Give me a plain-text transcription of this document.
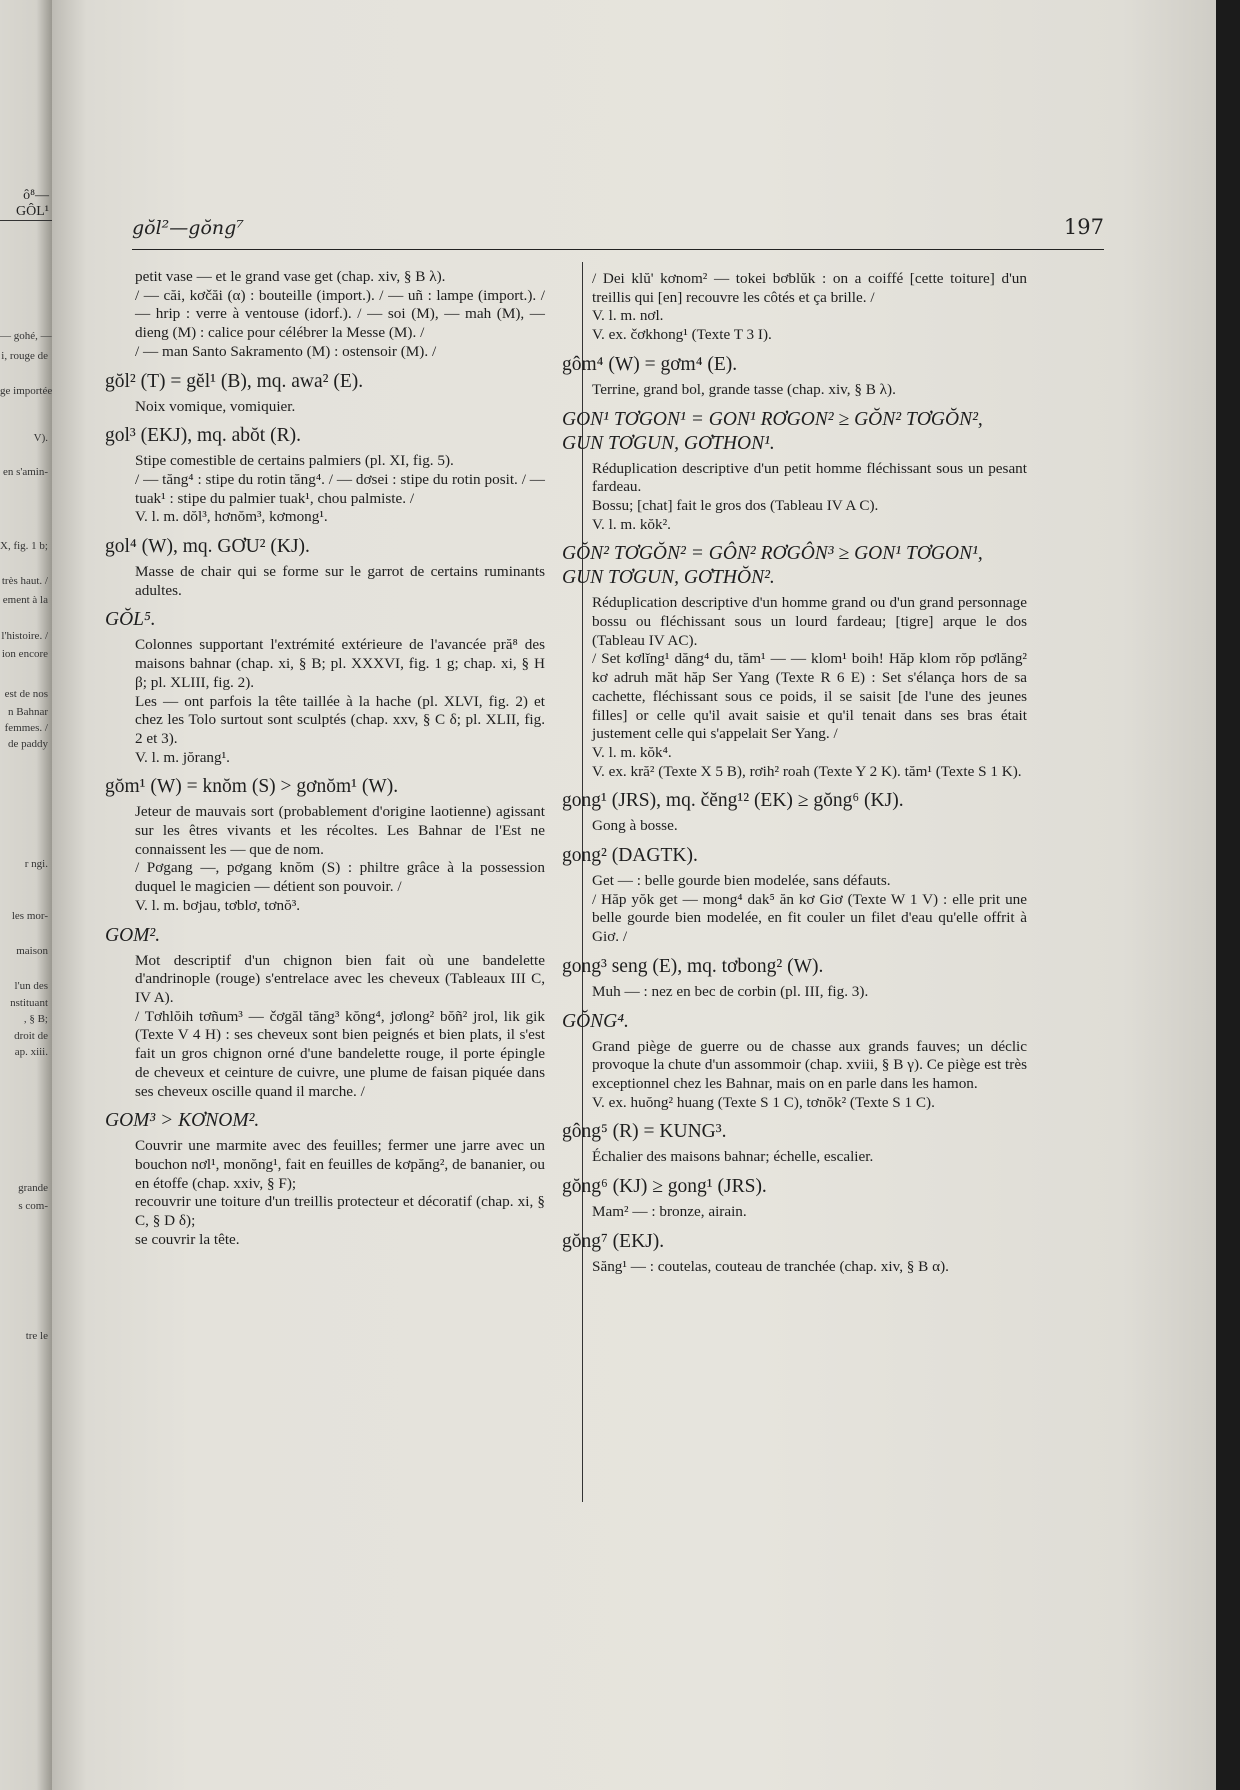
ô⁸—GÔL¹
— gohé, —
i, rouge de
ge importée
V).
en s'amin-
X, fig. 1 b;
très haut. /
ement à la
l'histoire. /
ion encore
est de nos
n Bahnar
femmes. /
de paddy
r ngi.
les mor-
maison
l'un des
nstituant
, § B;
droit de
ap. xiii.
grande
s com-
tre le
gŏl²—gŏng⁷	197

petit vase — et le grand vase get (chap. xiv, § B λ).

/ — căi, kơčăi (α) : bouteille (import.). / — uñ : lampe (import.). / — hrip : verre à ventouse (idorf.). / — soi (M), — mah (M), — dieng (M) : calice pour célébrer la Messe (M). /

/ — man Santo Sakramento (M) : ostensoir (M). /

gŏl² (T) = gĕl¹ (B), mq. awa² (E).

Noix vomique, vomiquier.

gol³ (EKJ), mq. abŏt (R).

Stipe comestible de certains palmiers (pl. XI, fig. 5).

/ — tăng⁴ : stipe du rotin tăng⁴. / — dơsei : stipe du rotin posit. / — tuak¹ : stipe du palmier tuak¹, chou palmiste. /

V. l. m. dŏl³, hơnŏm³, kơmong¹.

gol⁴ (W), mq. GƠU² (KJ).

Masse de chair qui se forme sur le garrot de certains ruminants adultes.

GŎL⁵.

Colonnes supportant l'extrémité extérieure de l'avancée pră⁸ des maisons bahnar (chap. xi, § B; pl. XXXVI, fig. 1 g; chap. xi, § H β; pl. XLIII, fig. 2).

Les — ont parfois la tête taillée à la hache (pl. XLVI, fig. 2) et chez les Tolo surtout sont sculptés (chap. xxv, § C δ; pl. XLII, fig. 2 et 3).

V. l. m. jŏrang¹.

gŏm¹ (W) = knŏm (S) > gơnŏm¹ (W).

Jeteur de mauvais sort (probablement d'origine laotienne) agissant sur les êtres vivants et les récoltes. Les Bahnar de l'Est ne connaissent les — que de nom.

/ Pơgang —, pơgang knŏm (S) : philtre grâce à la possession duquel le magicien — détient son pouvoir. /

V. l. m. bơjau, tơblơ, tơnŏ³.

GOM².

Mot descriptif d'un chignon bien fait où une bandelette d'andrinople (rouge) s'entrelace avec les cheveux (Tableaux III C, IV A).

/ Tơhlŏih tơñum³ — čơgăl tăng³ kŏng⁴, jơlong² bŏñ² jrol, lik gik (Texte V 4 H) : ses cheveux sont bien peignés et bien plats, il s'est fait un gros chignon orné d'une bandelette rouge, il porte épingle de cheveux et ceinture de cuivre, une plume de faisan piquée dans ses cheveux oscille quand il marche. /

GOM³ > KƠNOM².

Couvrir une marmite avec des feuilles; fermer une jarre avec un bouchon nơl¹, monŏng¹, fait en feuilles de kơpăng², de bananier, ou en étoffe (chap. xxiv, § F);

recouvrir une toiture d'un treillis protecteur et décoratif (chap. xi, § C, § D δ);

se couvrir la tête.

/ Dei klŭ' kơnom² — tokei bơblŭk : on a coiffé [cette toiture] d'un treillis qui [en] recouvre les côtés et ça brille. /

V. l. m. nơl.

V. ex. čơkhong¹ (Texte T 3 I).

gôm⁴ (W) = gơm⁴ (E).

Terrine, grand bol, grande tasse (chap. xiv, § B λ).

GON¹ TƠGON¹ = GON¹ RƠGON² ≥ GŎN² TƠGŎN², GUN TƠGUN, GƠTHON¹.

Réduplication descriptive d'un petit homme fléchissant sous un pesant fardeau.

Bossu; [chat] fait le gros dos (Tableau IV A C).

V. l. m. kŏk².

GŎN² TƠGŎN² = GÔN² RƠGÔN³ ≥ GON¹ TƠGON¹, GUN TƠGUN, GƠTHŎN².

Réduplication descriptive d'un homme grand ou d'un grand personnage bossu ou fléchissant sous un lourd fardeau; [tigre] arque le dos (Tableau IV AC).

/ Set kơlĭng¹ dăng⁴ du, tăm¹ — — klom¹ boih! Hăp klom rŏp pơlăng² kơ adruh măt hăp Ser Yang (Texte R 6 E) : Set s'élança hors de sa cachette, fléchissant sous ce poids, il se saisit [de l'une des jeunes filles] or celle qu'il avait saisie et qu'il tenait dans ses bras était justement celle qui s'appelait Ser Yang. /

V. l. m. kŏk⁴.

V. ex. kră² (Texte X 5 B), rơih² roah (Texte Y 2 K). tăm¹ (Texte S 1 K).

gong¹ (JRS), mq. čĕng¹² (EK) ≥ gŏng⁶ (KJ).

Gong à bosse.

gong² (DAGTK).

Get — : belle gourde bien modelée, sans défauts.

/ Hăp yŏk get — mong⁴ dak⁵ ăn kơ Giơ (Texte W 1 V) : elle prit une belle gourde bien modelée, en fit couler un filet d'eau qu'elle offrit à Giơ. /

gong³ seng (E), mq. tơbong² (W).

Muh — : nez en bec de corbin (pl. III, fig. 3).

GŎNG⁴.

Grand piège de guerre ou de chasse aux grands fauves; un déclic provoque la chute d'un assommoir (chap. xviii, § B γ). Ce piège est très exceptionnel chez les Bahnar, mais on en parle dans les hamon.

V. ex. huŏng² huang (Texte S 1 C), tơnŏk² (Texte S 1 C).

gông⁵ (R) = KUNG³.

Échalier des maisons bahnar; échelle, escalier.

gŏng⁶ (KJ) ≥ gong¹ (JRS).

Mam² — : bronze, airain.

gŏng⁷ (EKJ).

Săng¹ — : coutelas, couteau de tranchée (chap. xiv, § B α).
